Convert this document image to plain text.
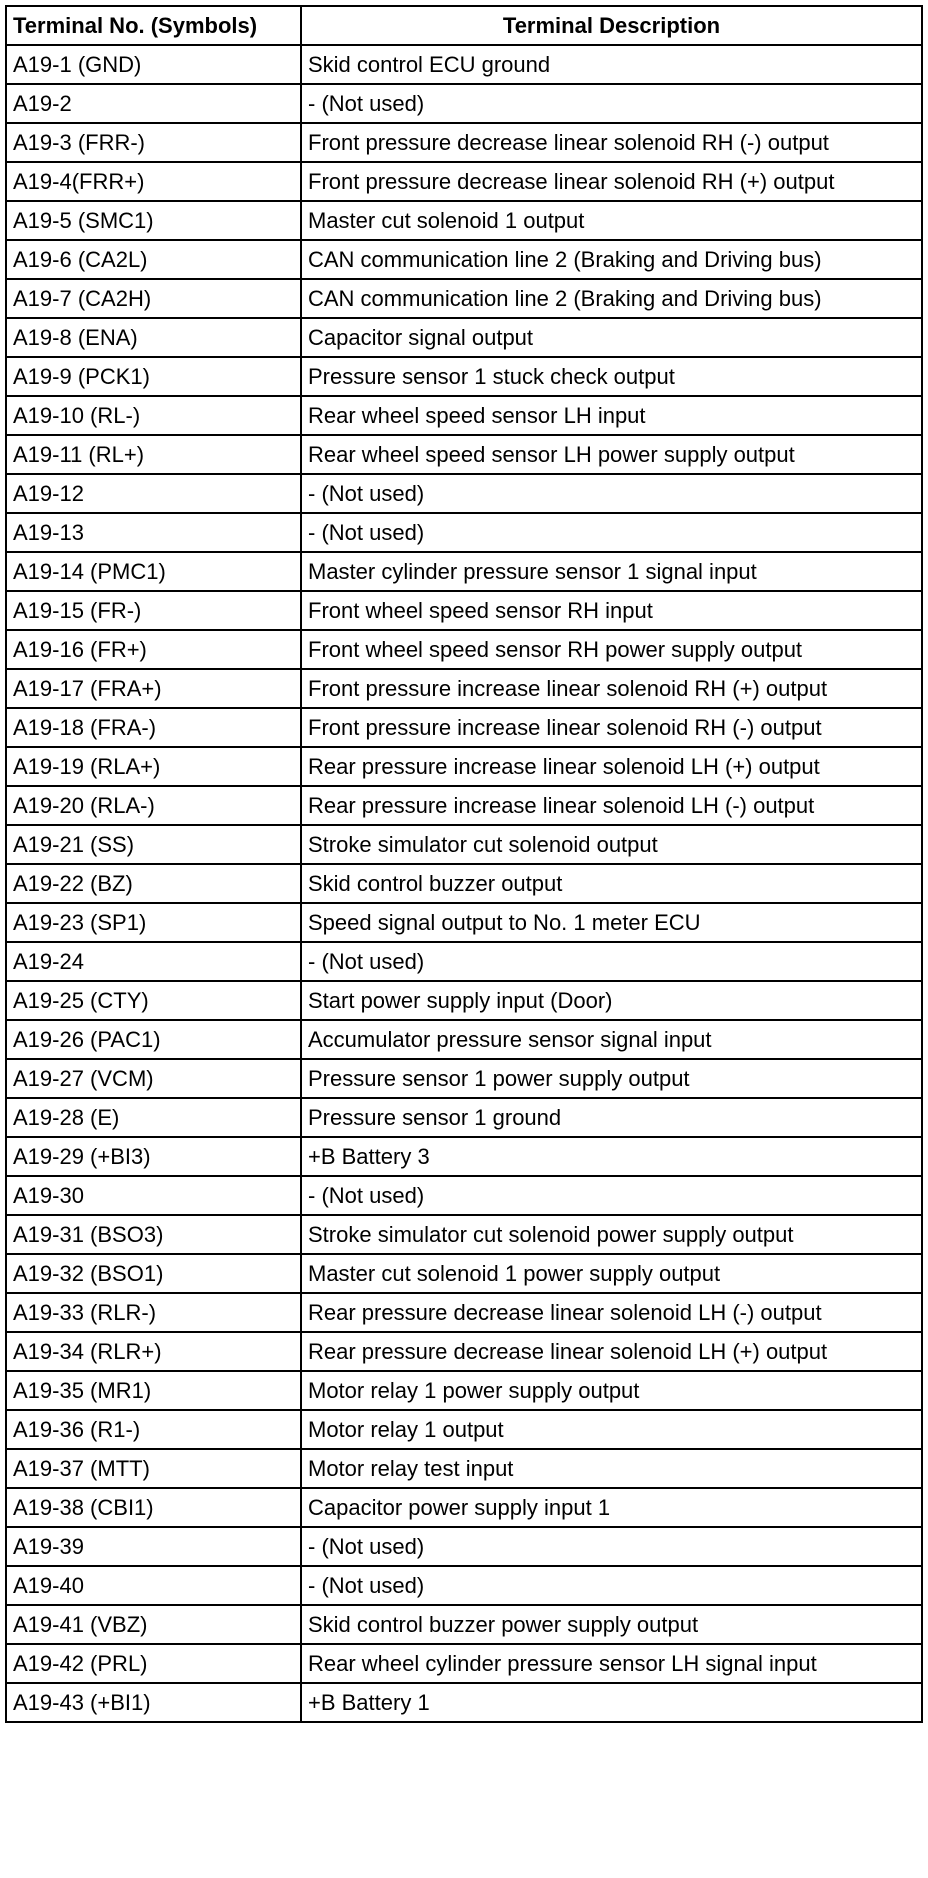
Terminal No. (Symbols)	Terminal Description
A19-1 (GND)	Skid control ECU ground
A19-2	- (Not used)
A19-3 (FRR-)	Front pressure decrease linear solenoid RH (-) output
A19-4(FRR+)	Front pressure decrease linear solenoid RH (+) output
A19-5 (SMC1)	Master cut solenoid 1 output
A19-6 (CA2L)	CAN communication line 2 (Braking and Driving bus)
A19-7 (CA2H)	CAN communication line 2 (Braking and Driving bus)
A19-8 (ENA)	Capacitor signal output
A19-9 (PCK1)	Pressure sensor 1 stuck check output
A19-10 (RL-)	Rear wheel speed sensor LH input
A19-11 (RL+)	Rear wheel speed sensor LH power supply output
A19-12	- (Not used)
A19-13	- (Not used)
A19-14 (PMC1)	Master cylinder pressure sensor 1 signal input
A19-15 (FR-)	Front wheel speed sensor RH input
A19-16 (FR+)	Front wheel speed sensor RH power supply output
A19-17 (FRA+)	Front pressure increase linear solenoid RH (+) output
A19-18 (FRA-)	Front pressure increase linear solenoid RH (-) output
A19-19 (RLA+)	Rear pressure increase linear solenoid LH (+) output
A19-20 (RLA-)	Rear pressure increase linear solenoid LH (-) output
A19-21 (SS)	Stroke simulator cut solenoid output
A19-22 (BZ)	Skid control buzzer output
A19-23 (SP1)	Speed signal output to No. 1 meter ECU
A19-24	- (Not used)
A19-25 (CTY)	Start power supply input (Door)
A19-26 (PAC1)	Accumulator pressure sensor signal input
A19-27 (VCM)	Pressure sensor 1 power supply output
A19-28 (E)	Pressure sensor 1 ground
A19-29 (+BI3)	+B Battery 3
A19-30	- (Not used)
A19-31 (BSO3)	Stroke simulator cut solenoid power supply output
A19-32 (BSO1)	Master cut solenoid 1 power supply output
A19-33 (RLR-)	Rear pressure decrease linear solenoid LH (-) output
A19-34 (RLR+)	Rear pressure decrease linear solenoid LH (+) output
A19-35 (MR1)	Motor relay 1 power supply output
A19-36 (R1-)	Motor relay 1 output
A19-37 (MTT)	Motor relay test input
A19-38 (CBI1)	Capacitor power supply input 1
A19-39	- (Not used)
A19-40	- (Not used)
A19-41 (VBZ)	Skid control buzzer power supply output
A19-42 (PRL)	Rear wheel cylinder pressure sensor LH signal input
A19-43 (+BI1)	+B Battery 1
